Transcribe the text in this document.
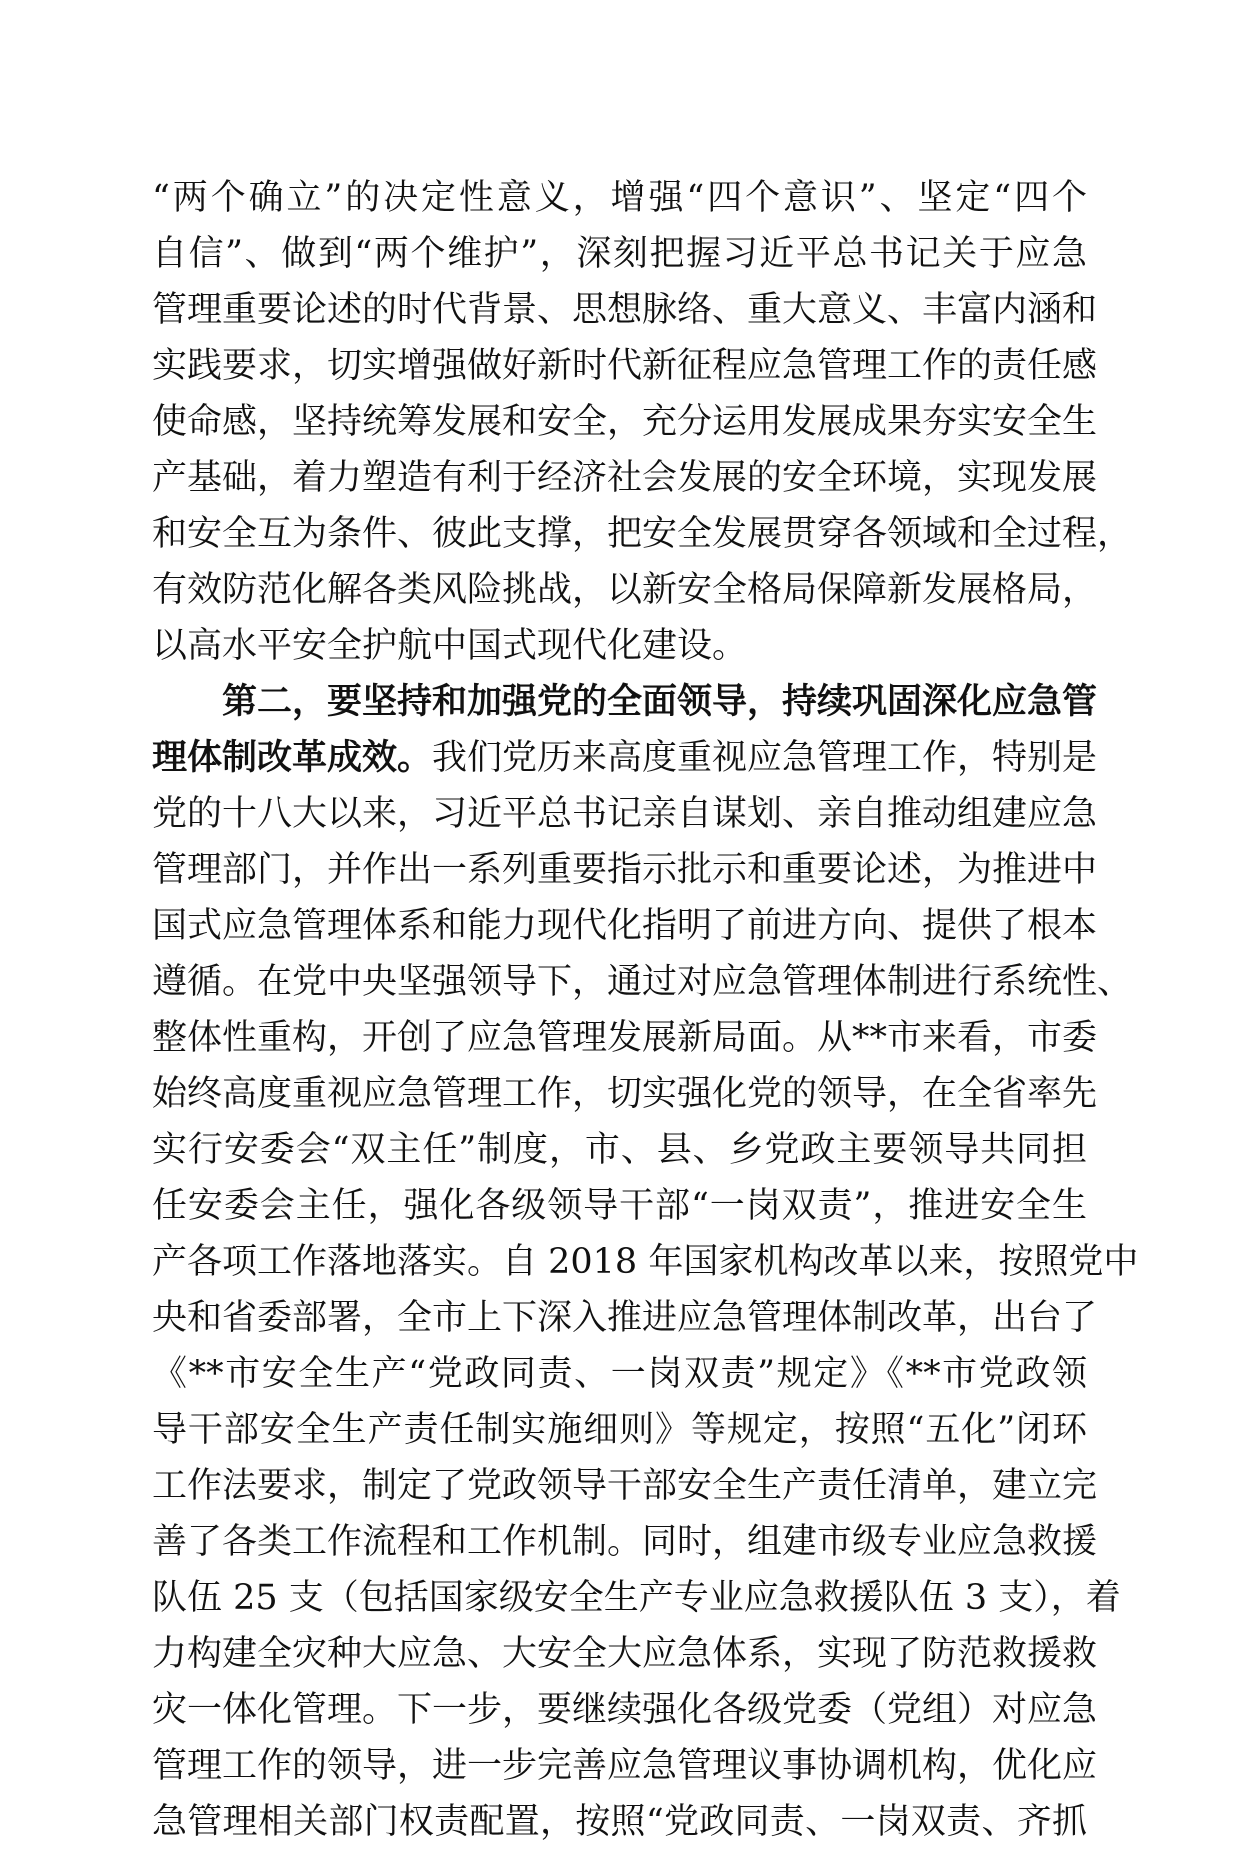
“两个确立”的决定性意义，增强“四个意识”、坚定“四个
自信”、做到“两个维护”，深刻把握习近平总书记关于应急
管理重要论述的时代背景、思想脉络、重大意义、丰富内涵和
实践要求，切实增强做好新时代新征程应急管理工作的责任感
使命感，坚持统筹发展和安全，充分运用发展成果夯实安全生
产基础，着力塑造有利于经济社会发展的安全环境，实现发展
和安全互为条件、彼此支撑，把安全发展贯穿各领域和全过程，
有效防范化解各类风险挑战，以新安全格局保障新发展格局，
以高水平安全护航中国式现代化建设。
第二，要坚持和加强党的全面领导，持续巩固深化应急管
理体制改革成效。我们党历来高度重视应急管理工作，特别是
党的十八大以来，习近平总书记亲自谋划、亲自推动组建应急
管理部门，并作出一系列重要指示批示和重要论述，为推进中
国式应急管理体系和能力现代化指明了前进方向、提供了根本
遵循。在党中央坚强领导下，通过对应急管理体制进行系统性、
整体性重构，开创了应急管理发展新局面。从**市来看，市委
始终高度重视应急管理工作，切实强化党的领导，在全省率先
实行安委会“双主任”制度，市、县、乡党政主要领导共同担
任安委会主任，强化各级领导干部“一岗双责”，推进安全生
产各项工作落地落实。自 2018 年国家机构改革以来，按照党中
央和省委部署，全市上下深入推进应急管理体制改革，出台了
《**市安全生产“党政同责、一岗双责”规定》《**市党政领
导干部安全生产责任制实施细则》等规定，按照“五化”闭环
工作法要求，制定了党政领导干部安全生产责任清单，建立完
善了各类工作流程和工作机制。同时，组建市级专业应急救援
队伍 25 支（包括国家级安全生产专业应急救援队伍 3 支），着
力构建全灾种大应急、大安全大应急体系，实现了防范救援救
灾一体化管理。下一步，要继续强化各级党委（党组）对应急
管理工作的领导，进一步完善应急管理议事协调机构，优化应
急管理相关部门权责配置，按照“党政同责、一岗双责、齐抓
